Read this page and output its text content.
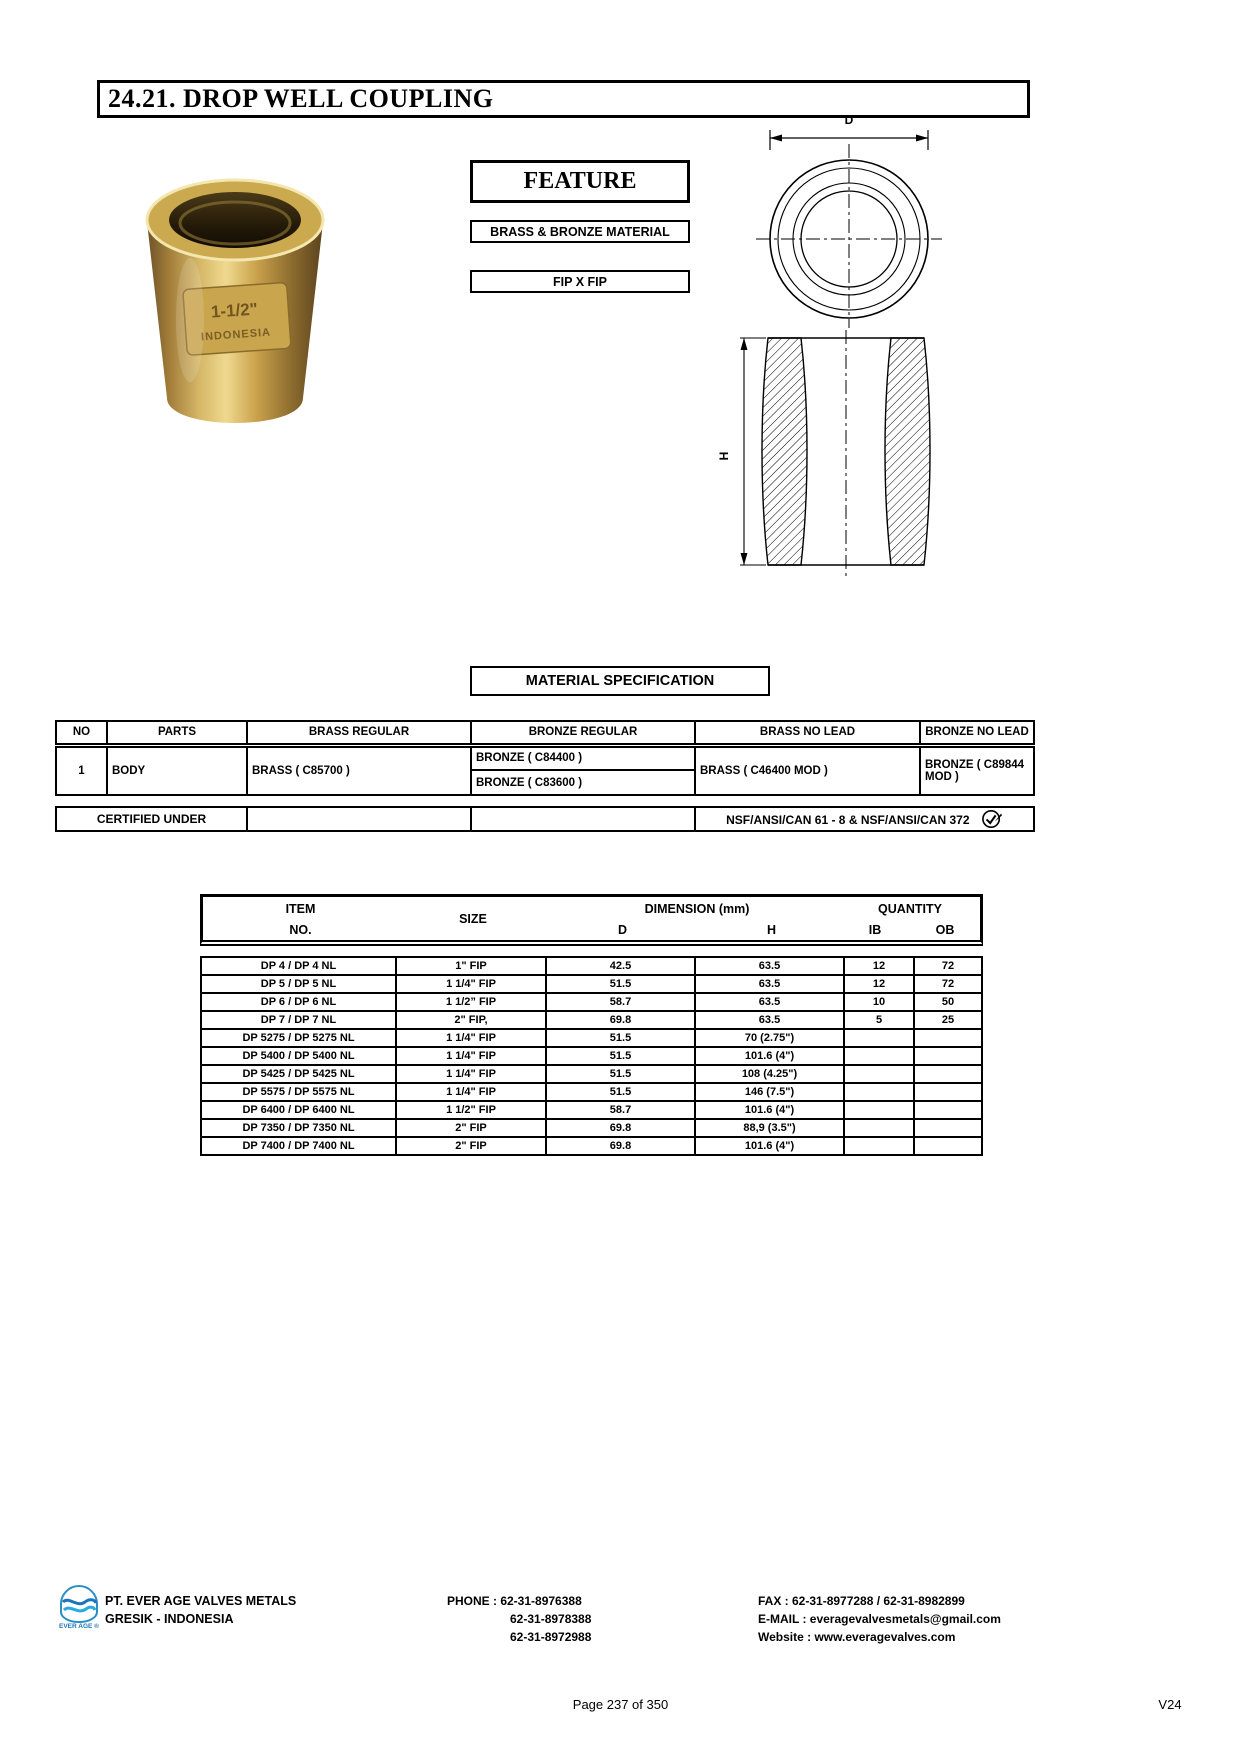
24.21. DROP WELL COUPLING
1-1/2"
INDONESIA
FEATURE
BRASS & BRONZE MATERIAL
FIP X FIP
D
H
MATERIAL SPECIFICATION
NO	PARTS	BRASS REGULAR	BRONZE REGULAR	BRASS NO LEAD	BRONZE NO LEAD
1	BODY	BRASS ( C85700 )	BRONZE ( C84400 )	BRASS ( C46400 MOD )	BRONZE ( C89844 MOD )
			BRONZE ( C83600 )		
CERTIFIED UNDER			NSF/ANSI/CAN 61 - 8 & NSF/ANSI/CAN 372
ITEM
NO.
SIZE
DIMENSION (mm)
D	H
QUANTITY
IB	OB
DP 4 / DP 4 NL	1" FIP	42.5	63.5	12	72
DP 5 / DP 5 NL	1 1/4" FIP	51.5	63.5	12	72
DP 6 / DP 6 NL	1 1/2” FIP	58.7	63.5	10	50
DP 7 / DP 7 NL	2" FIP,	69.8	63.5	5	25
DP 5275 / DP 5275 NL	1 1/4" FIP	51.5	70 (2.75")		
DP 5400 / DP 5400 NL	1 1/4" FIP	51.5	101.6 (4")		
DP 5425 / DP 5425 NL	1 1/4" FIP	51.5	108 (4.25")		
DP 5575 / DP 5575 NL	1 1/4" FIP	51.5	146 (7.5")		
DP 6400 / DP 6400 NL	1 1/2" FIP	58.7	101.6 (4")		
DP 7350 / DP 7350 NL	2" FIP	69.8	88,9 (3.5")		
DP 7400 / DP 7400 NL	2" FIP	69.8	101.6 (4")		
EVER AGE ®
PT. EVER AGE VALVES METALS
GRESIK - INDONESIA
PHONE : 62-31-8976388
62-31-8978388
62-31-8972988
FAX : 62-31-8977288 / 62-31-8982899
E-MAIL : everagevalvesmetals@gmail.com
Website : www.everagevalves.com
Page 237 of 350	V24
